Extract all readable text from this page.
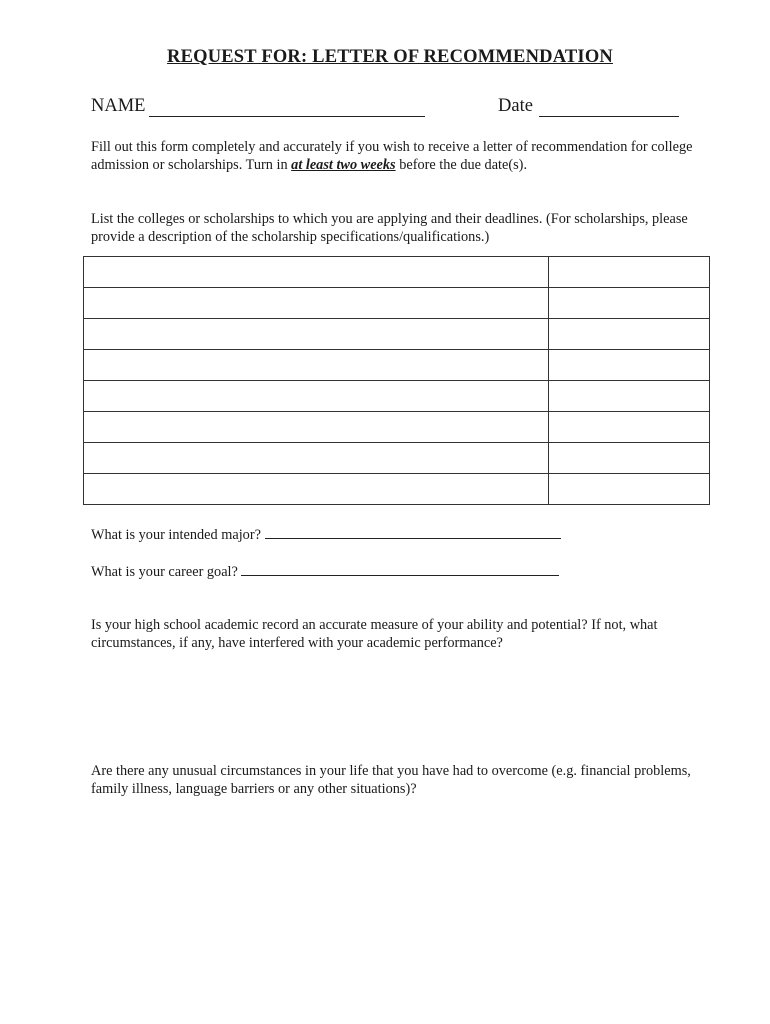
REQUEST FOR: LETTER OF RECOMMENDATION
NAME	Date
Fill out this form completely and accurately if you wish to receive a letter of recommendation for college admission or scholarships. Turn in at least two weeks before the due date(s).
List the colleges or scholarships to which you are applying and their deadlines. (For scholarships, please provide a description of the scholarship specifications/qualifications.)

What is your intended major?
What is your career goal?
Is your high school academic record an accurate measure of your ability and potential? If not, what circumstances, if any, have interfered with your academic performance?
Are there any unusual circumstances in your life that you have had to overcome (e.g. financial problems, family illness, language barriers or any other situations)?
